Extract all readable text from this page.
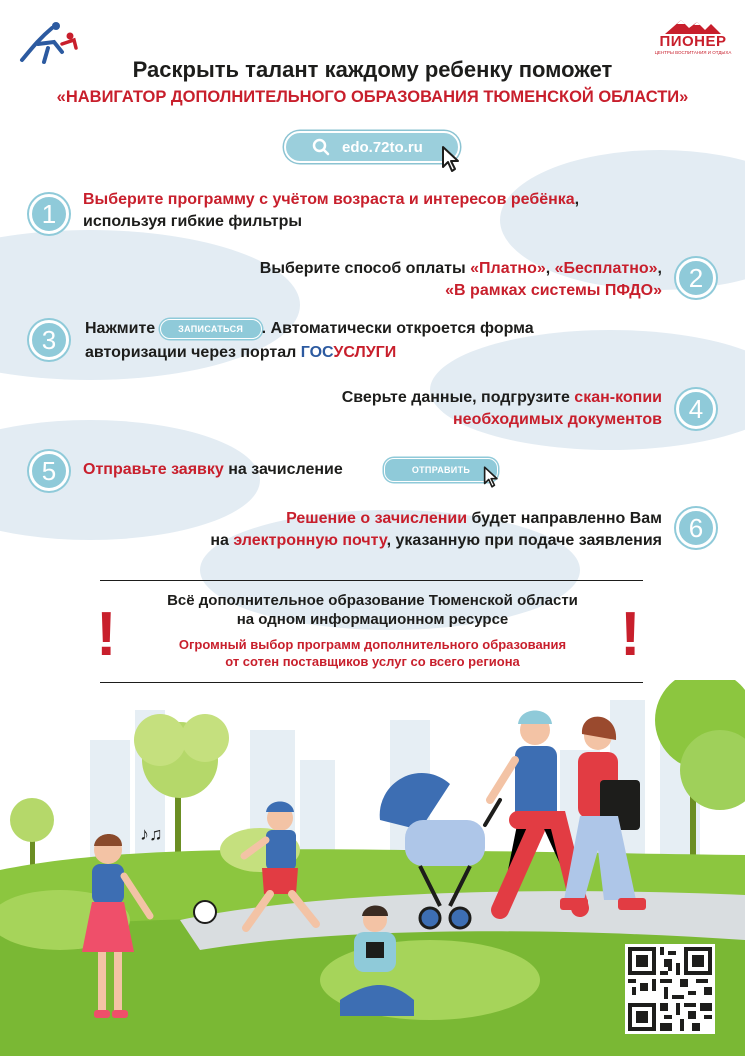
ПИОНЕР
ЦЕНТРЫ ВОСПИТАНИЯ И ОТДЫХА
Раскрыть талант каждому ребенку поможет
«НАВИГАТОР ДОПОЛНИТЕЛЬНОГО ОБРАЗОВАНИЯ ТЮМЕНСКОЙ ОБЛАСТИ»
edo.72to.ru
1	Выберите программу с учётом возраста и интересов ребёнка,
используя гибкие фильтры
Выберите способ оплаты «Платно», «Бесплатно»,
«В рамках системы ПФДО»	2
3	Нажмите ЗАПИСАТЬСЯ . Автоматически откроется форма
авторизации через портал ГОСУСЛУГИ
Сверьте данные, подгрузите скан-копии
необходимых документов	4
5	Отправьте заявку на зачисление	ОТПРАВИТЬ
Решение о зачислении будет направленно Вам
на электронную почту, указанную при подаче заявления	6
!	!
Всё дополнительное образование Тюменской области
на одном информационном ресурсе
Огромный выбор программ дополнительного образования
от сотен поставщиков услуг со всего региона
♪♫
